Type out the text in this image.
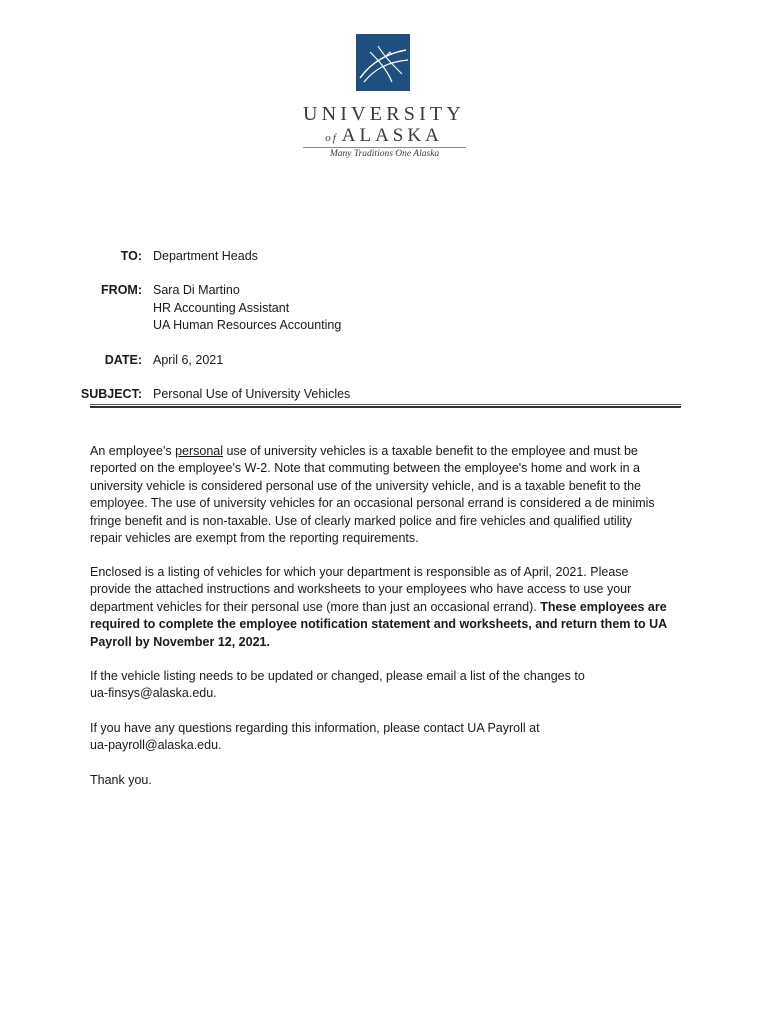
UNIVERSITY
of ALASKA
Many Traditions One Alaska
TO: Department Heads
FROM: Sara Di Martino
HR Accounting Assistant
UA Human Resources Accounting
DATE: April 6, 2021
SUBJECT: Personal Use of University Vehicles
An employee's personal use of university vehicles is a taxable benefit to the employee and must be
reported on the employee's W-2. Note that commuting between the employee's home and work in a
university vehicle is considered personal use of the university vehicle, and is a taxable benefit to the
employee. The use of university vehicles for an occasional personal errand is considered a de minimis
fringe benefit and is non-taxable. Use of clearly marked police and fire vehicles and qualified utility
repair vehicles are exempt from the reporting requirements.
Enclosed is a listing of vehicles for which your department is responsible as of April, 2021. Please
provide the attached instructions and worksheets to your employees who have access to use your
department vehicles for their personal use (more than just an occasional errand). These employees are
required to complete the employee notification statement and worksheets, and return them to UA
Payroll by November 12, 2021.
If the vehicle listing needs to be updated or changed, please email a list of the changes to
ua-finsys@alaska.edu.
If you have any questions regarding this information, please contact UA Payroll at
ua-payroll@alaska.edu.
Thank you.
